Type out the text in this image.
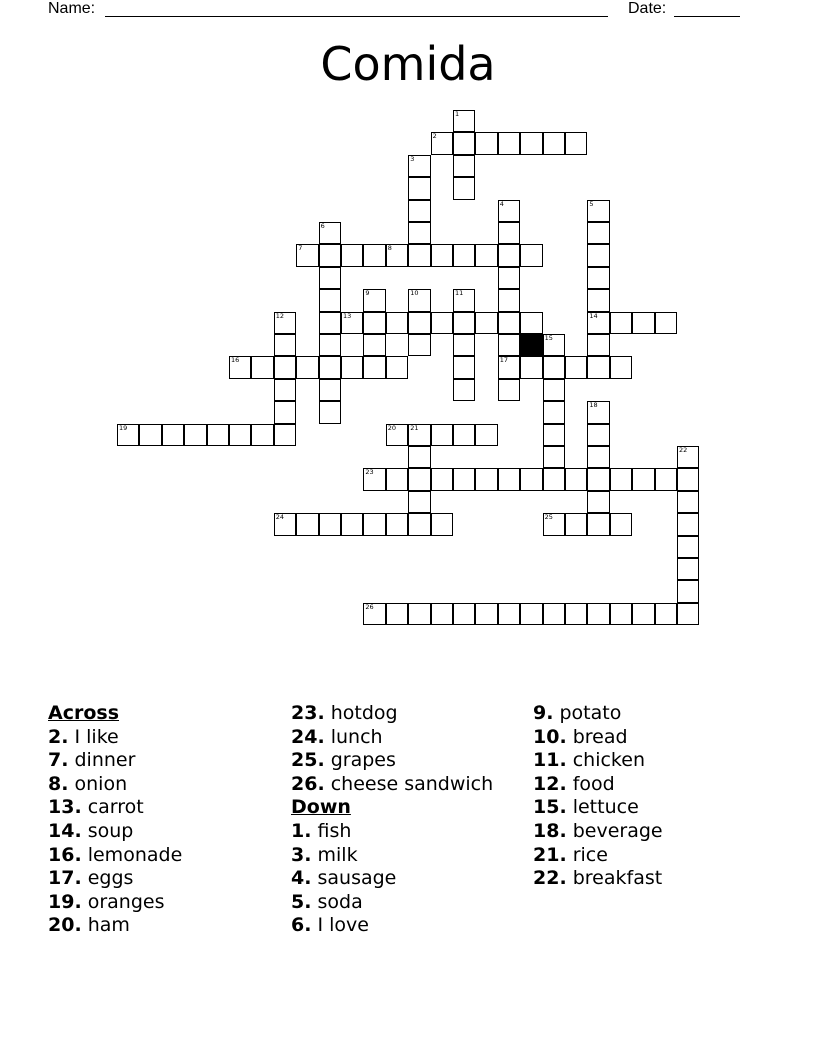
Name:	Date:
Comida
1
2
3
4
17
5
14
6
7	8
9	10	11
12	13
15
16
18
19	20 21
22
23
24	25
26
Across
2. I like
7. dinner
8. onion
13. carrot
14. soup
16. lemonade
17. eggs
19. oranges
20. ham
23. hotdog
24. lunch
25. grapes
26. cheese sandwich
Down
1. fish
3. milk
4. sausage
5. soda
6. I love
9. potato
10. bread
11. chicken
12. food
15. lettuce
18. beverage
21. rice
22. breakfast
